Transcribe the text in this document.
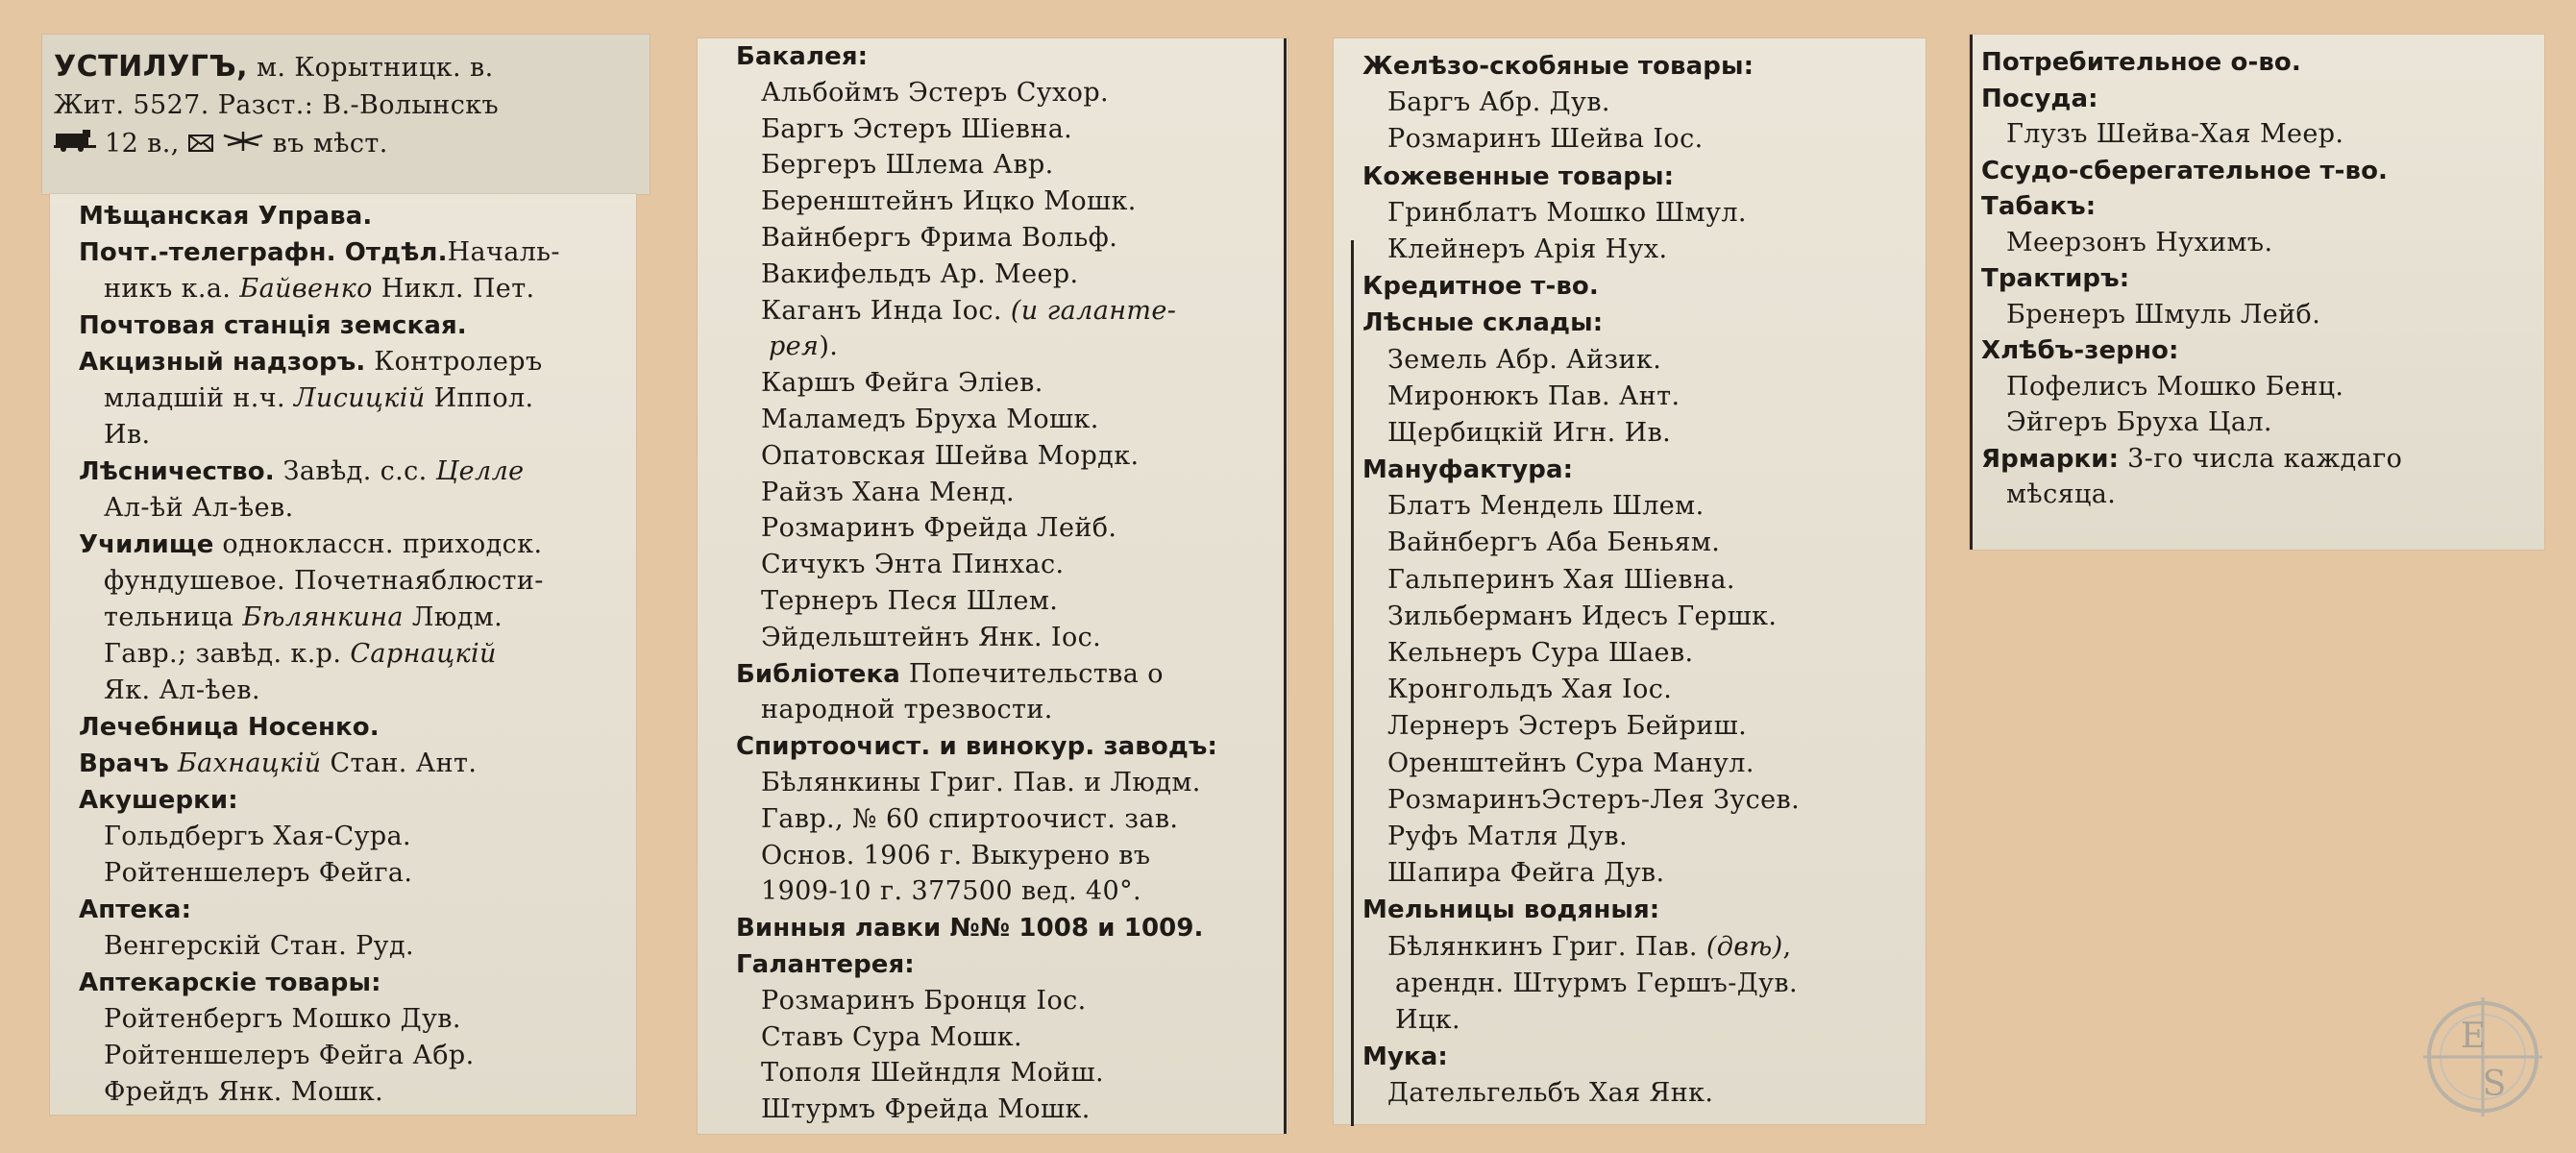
УСТИЛУГЪ, м. Корытницк. в.
Жит. 5527. Разст.: В.-Волынскъ
12 в.,	въ мѣст.
Мѣщанская Управа.
Почт.-телеграфн. Отдѣл.Началь-
никъ к.а. Байвенко Никл. Пет.
Почтовая станція земская.
Акцизный надзоръ. Контролеръ
младшій н.ч. Лисицкій Иппол.
Ив.
Лѣсничество. Завѣд. с.с. Целле
Ал-ѣй Ал-ѣев.
Училище одноклассн. приходск.
фундушевое. Почетнаяблюсти-
тельница Бѣлянкина Людм.
Гавр.; завѣд. к.р. Сарнацкій
Як. Ал-ѣев.
Лечебница Носенко.
Врачъ Бахнацкій Стан. Ант.
Акушерки:
Гольдбергъ Хая-Сура.
Ройтеншелеръ Фейга.
Аптека:
Венгерскій Стан. Руд.
Аптекарскіе товары:
Ройтенбергъ Мошко Дув.
Ройтеншелеръ Фейга Абр.
Фрейдъ Янк. Мошк.
Бакалея:
Альбоймъ Эстеръ Сухор.
Баргъ Эстеръ Шіевна.
Бергеръ Шлема Авр.
Беренштейнъ Ицко Мошк.
Вайнбергъ Фрима Вольф.
Вакифельдъ Ар. Меер.
Каганъ Инда Іос. (и галанте-
рея).
Каршъ Фейга Эліев.
Маламедъ Бруха Мошк.
Опатовская Шейва Мордк.
Райзъ Хана Менд.
Розмаринъ Фрейда Лейб.
Сичукъ Энта Пинхас.
Тернеръ Песя Шлем.
Эйдельштейнъ Янк. Іос.
Библіотека Попечительства о
народной трезвости.
Спиртоочист. и винокур. заводъ:
Бѣлянкины Григ. Пав. и Людм.
Гавр., № 60 спиртоочист. зав.
Основ. 1906 г. Выкурено въ
1909-10 г. 377500 вед. 40°.
Винныя лавки №№ 1008 и 1009.
Галантерея:
Розмаринъ Бронця Іос.
Ставъ Сура Мошк.
Тополя Шейндля Мойш.
Штурмъ Фрейда Мошк.
Желѣзо-скобяные товары:
Баргъ Абр. Дув.
Розмаринъ Шейва Іос.
Кожевенные товары:
Гринблатъ Мошко Шмул.
Клейнеръ Арія Нух.
Кредитное т-во.
Лѣсные склады:
Земель Абр. Айзик.
Миронюкъ Пав. Ант.
Щербицкій Игн. Ив.
Мануфактура:
Блатъ Мендель Шлем.
Вайнбергъ Аба Беньям.
Гальперинъ Хая Шіевна.
Зильберманъ Идесъ Гершк.
Кельнеръ Сура Шаев.
Кронгольдъ Хая Іос.
Лернеръ Эстеръ Бейриш.
Оренштейнъ Сура Манул.
РозмаринъЭстеръ-Лея Зусев.
Руфъ Матля Дув.
Шапира Фейга Дув.
Мельницы водяныя:
Бѣлянкинъ Григ. Пав. (двѣ),
арендн. Штурмъ Гершъ-Дув.
Ицк.
Мука:
Дательгельбъ Хая Янк.
Потребительное о-во.
Посуда:
Глузъ Шейва-Хая Меер.
Ссудо-сберегательное т-во.
Табакъ:
Меерзонъ Нухимъ.
Трактиръ:
Бренеръ Шмуль Лейб.
Хлѣбъ-зерно:
Пофелисъ Мошко Бенц.
Эйгеръ Бруха Цал.
Ярмарки: 3-го числа каждаго
мѣсяца.
E
S
